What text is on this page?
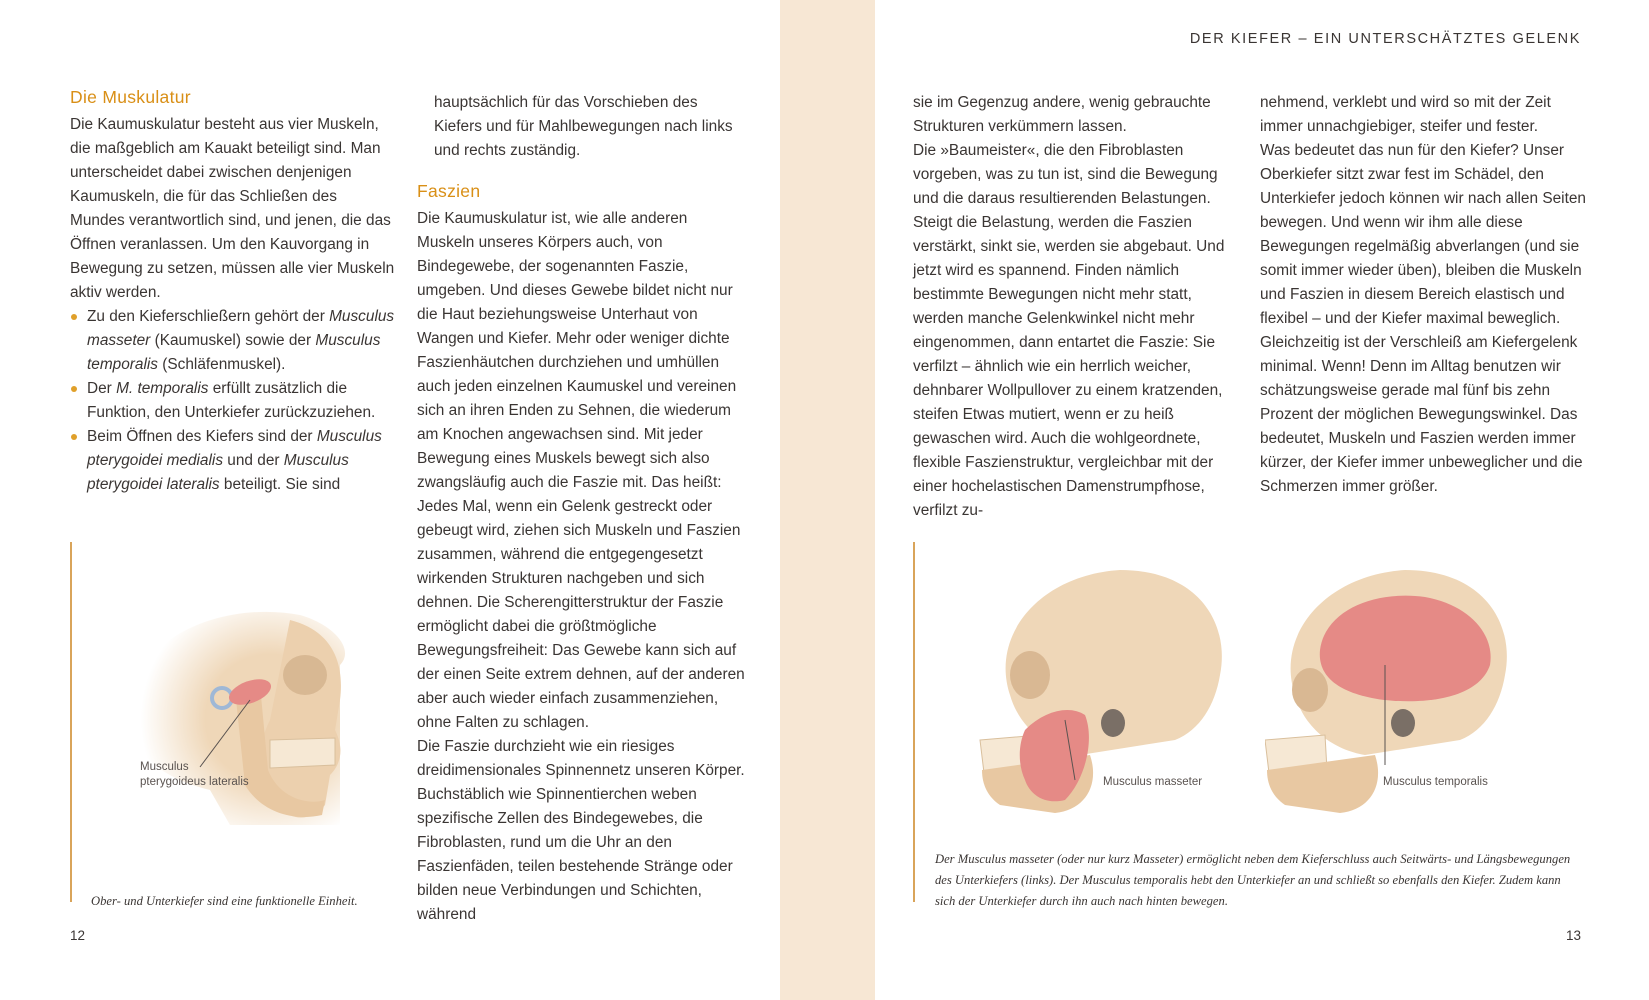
DER KIEFER – EIN UNTERSCHÄTZTES GELENK
Die Muskulatur

Die Kaumuskulatur besteht aus vier Muskeln, die maßgeblich am Kauakt beteiligt sind. Man unterscheidet dabei zwischen denjenigen Kaumuskeln, die für das Schließen des Mundes verantwortlich sind, und jenen, die das Öffnen veranlassen. Um den Kauvorgang in Bewegung zu setzen, müssen alle vier Muskeln aktiv werden.

Zu den Kieferschließern gehört der Musculus masseter (Kaumuskel) sowie der Musculus temporalis (Schläfenmuskel).
Der M. temporalis erfüllt zusätzlich die Funktion, den Unterkiefer zurückzuziehen.
Beim Öffnen des Kiefers sind der Musculus pterygoidei medialis und der Musculus pterygoidei lateralis beteiligt. Sie sind

hauptsächlich für das Vorschieben des Kiefers und für Mahlbewegungen nach links und rechts zuständig.

Faszien

Die Kaumuskulatur ist, wie alle anderen Muskeln unseres Körpers auch, von Bindegewebe, der sogenannten Faszie, umgeben. Und dieses Gewebe bildet nicht nur die Haut beziehungsweise Unterhaut von Wangen und Kiefer. Mehr oder weniger dichte Faszienhäutchen durchziehen und umhüllen auch jeden einzelnen Kaumuskel und vereinen sich an ihren Enden zu Sehnen, die wiederum am Knochen angewachsen sind. Mit jeder Bewegung eines Muskels bewegt sich also zwangsläufig auch die Faszie mit. Das heißt: Jedes Mal, wenn ein Gelenk gestreckt oder gebeugt wird, ziehen sich Muskeln und Faszien zusammen, während die entgegengesetzt wirkenden Strukturen nachgeben und sich dehnen. Die Scherengitterstruktur der Faszie ermöglicht dabei die größtmögliche Bewegungsfreiheit: Das Gewebe kann sich auf der einen Seite extrem dehnen, auf der anderen aber auch wieder einfach zusammenziehen, ohne Falten zu schlagen.

Die Faszie durchzieht wie ein riesiges dreidimensionales Spinnennetz unseren Körper. Buchstäblich wie Spinnentierchen weben spezifische Zellen des Bindegewebes, die Fibroblasten, rund um die Uhr an den Faszienfäden, teilen bestehende Stränge oder bilden neue Verbindungen und Schichten, während

sie im Gegenzug andere, wenig gebrauchte Strukturen verkümmern lassen.

Die »Baumeister«, die den Fibroblasten vorgeben, was zu tun ist, sind die Bewegung und die daraus resultierenden Belastungen. Steigt die Belastung, werden die Faszien verstärkt, sinkt sie, werden sie abgebaut. Und jetzt wird es spannend. Finden nämlich bestimmte Bewegungen nicht mehr statt, werden manche Gelenkwinkel nicht mehr eingenommen, dann entartet die Faszie: Sie verfilzt – ähnlich wie ein herrlich weicher, dehnbarer Wollpullover zu einem kratzenden, steifen Etwas mutiert, wenn er zu heiß gewaschen wird. Auch die wohlgeordnete, flexible Faszienstruktur, vergleichbar mit der einer hochelastischen Damenstrumpfhose, verfilzt zu-

nehmend, verklebt und wird so mit der Zeit immer unnachgiebiger, steifer und fester.

Was bedeutet das nun für den Kiefer? Unser Oberkiefer sitzt zwar fest im Schädel, den Unterkiefer jedoch können wir nach allen Seiten bewegen. Und wenn wir ihm alle diese Bewegungen regelmäßig abverlangen (und sie somit immer wieder üben), bleiben die Muskeln und Faszien in diesem Bereich elastisch und flexibel – und der Kiefer maximal beweglich. Gleichzeitig ist der Verschleiß am Kiefergelenk minimal. Wenn! Denn im Alltag benutzen wir schätzungsweise gerade mal fünf bis zehn Prozent der möglichen Bewegungswinkel. Das bedeutet, Muskeln und Faszien werden immer kürzer, der Kiefer immer unbeweglicher und die Schmerzen immer größer.

Musculus
pterygoideus lateralis
Ober- und Unterkiefer sind eine funktionelle Einheit.
Musculus masseter	Musculus temporalis
Der Musculus masseter (oder nur kurz Masseter) ermöglicht neben dem Kieferschluss auch Seitwärts- und Längsbewegungen des Unterkiefers (links). Der Musculus temporalis hebt den Unterkiefer an und schließt so ebenfalls den Kiefer. Zudem kann sich der Unterkiefer durch ihn auch nach hinten bewegen.
12	13
